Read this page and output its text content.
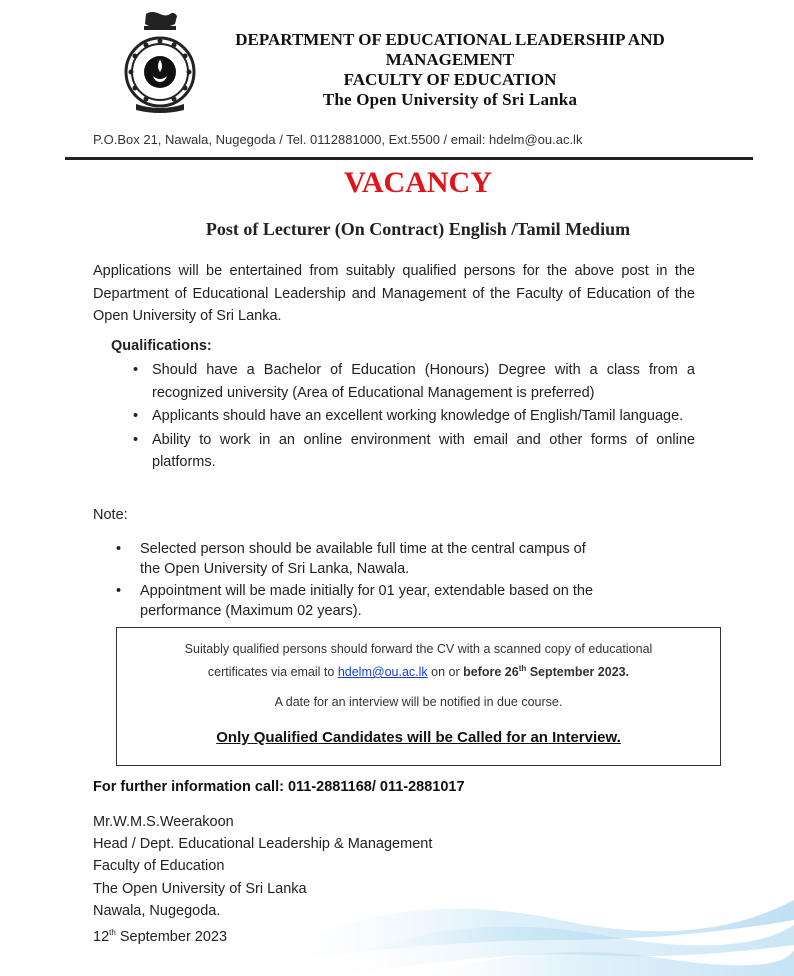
DEPARTMENT OF EDUCATIONAL LEADERSHIP AND
MANAGEMENT
FACULTY OF EDUCATION
The Open University of Sri Lanka
P.O.Box 21, Nawala, Nugegoda / Tel. 0112881000, Ext.5500 / email: hdelm@ou.ac.lk
VACANCY
Post of Lecturer (On Contract) English /Tamil Medium
Applications will be entertained from suitably qualified persons for the above post in the Department of Educational Leadership and Management of the Faculty of Education of the Open University of Sri Lanka.
Qualifications:
• Should have a Bachelor of Education (Honours) Degree with a class from a recognized university (Area of Educational Management is preferred)
• Applicants should have an excellent working knowledge of English/Tamil language.
• Ability to work in an online environment with email and other forms of online platforms.
Note:
• Selected person should be available full time at the central campus of
the Open University of Sri Lanka, Nawala.
• Appointment will be made initially for 01 year, extendable based on the
performance (Maximum 02 years).
Suitably qualified persons should forward the CV with a scanned copy of educational
certificates via email to hdelm@ou.ac.lk on or before 26th September 2023.
A date for an interview will be notified in due course.
Only Qualified Candidates will be Called for an Interview.
For further information call: 011-2881168/ 011-2881017
Mr.W.M.S.Weerakoon
Head / Dept. Educational Leadership & Management
Faculty of Education
The Open University of Sri Lanka
Nawala, Nugegoda.
12th September 2023
